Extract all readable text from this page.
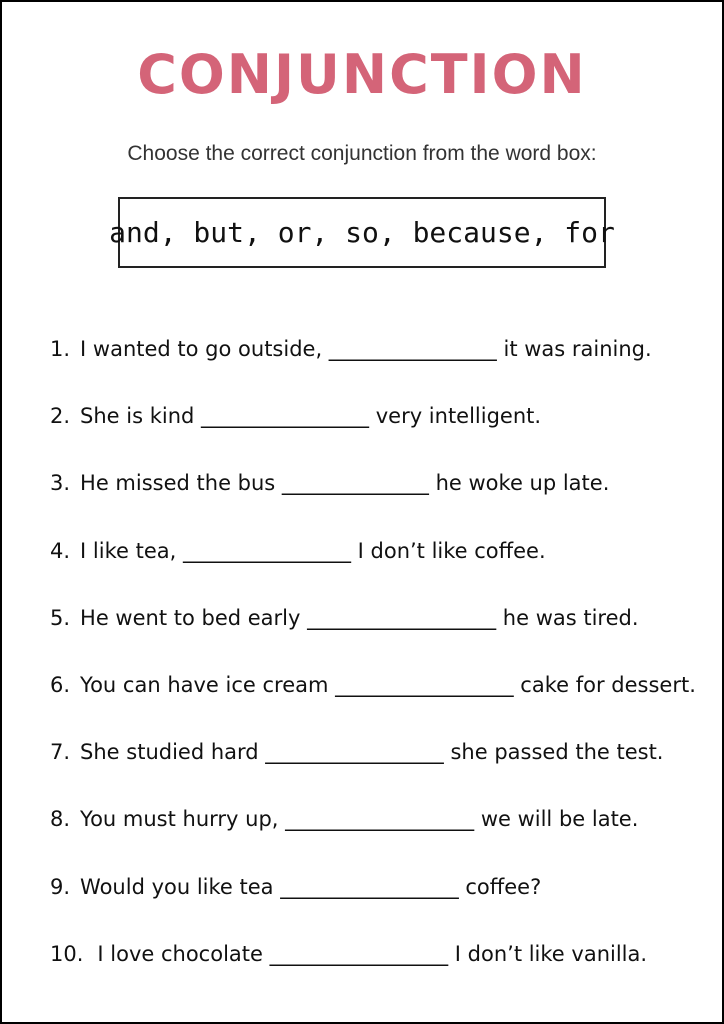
CONJUNCTION
Choose the correct conjunction from the word box:
and, but, or, so, because, for
1. I wanted to go outside, ________________ it was raining.
2. She is kind ________________ very intelligent.
3. He missed the bus ______________ he woke up late.
4. I like tea, ________________ I don’t like coffee.
5. He went to bed early __________________ he was tired.
6. You can have ice cream _________________ cake for dessert.
7. She studied hard _________________ she passed the test.
8. You must hurry up, __________________ we will be late.
9. Would you like tea _________________ coffee?
10. I love chocolate _________________ I don’t like vanilla.
